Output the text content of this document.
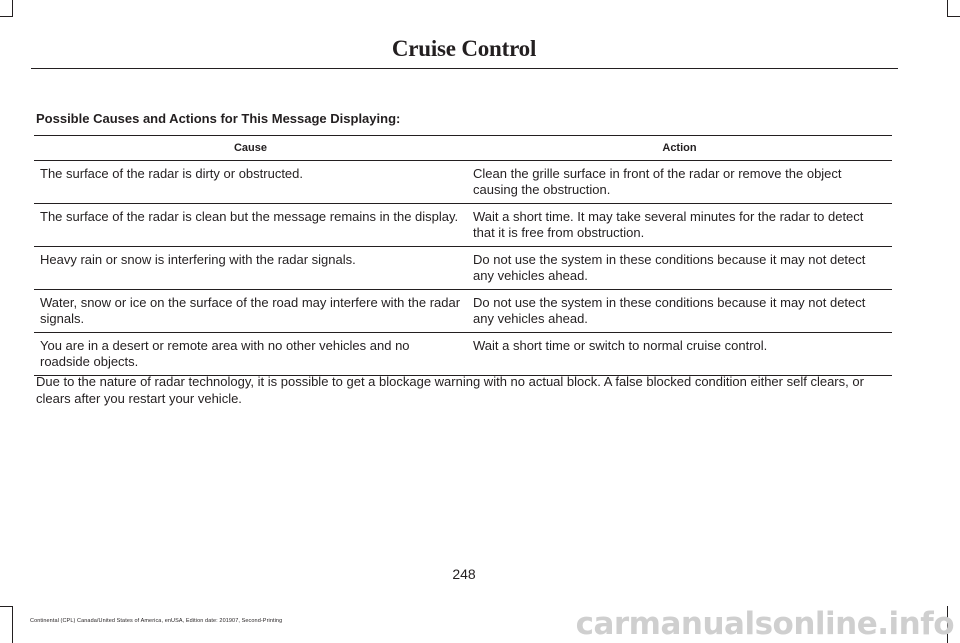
Cruise Control
Possible Causes and Actions for This Message Displaying:
Cause	Action
The surface of the radar is dirty or obstructed.	Clean the grille surface in front of the radar or remove the object causing the obstruction.
The surface of the radar is clean but the message remains in the display.	Wait a short time. It may take several minutes for the radar to detect that it is free from obstruction.
Heavy rain or snow is interfering with the radar signals.	Do not use the system in these conditions because it may not detect any vehicles ahead.
Water, snow or ice on the surface of the road may interfere with the radar signals.	Do not use the system in these conditions because it may not detect any vehicles ahead.
You are in a desert or remote area with no other vehicles and no roadside objects.	Wait a short time or switch to normal cruise control.
Due to the nature of radar technology, it is possible to get a blockage warning with no actual block. A false blocked condition either self clears, or clears after you restart your vehicle.
248
Continental (CPL) Canada/United States of America, enUSA, Edition date: 201907, Second-Printing	carmanualsonline.info
